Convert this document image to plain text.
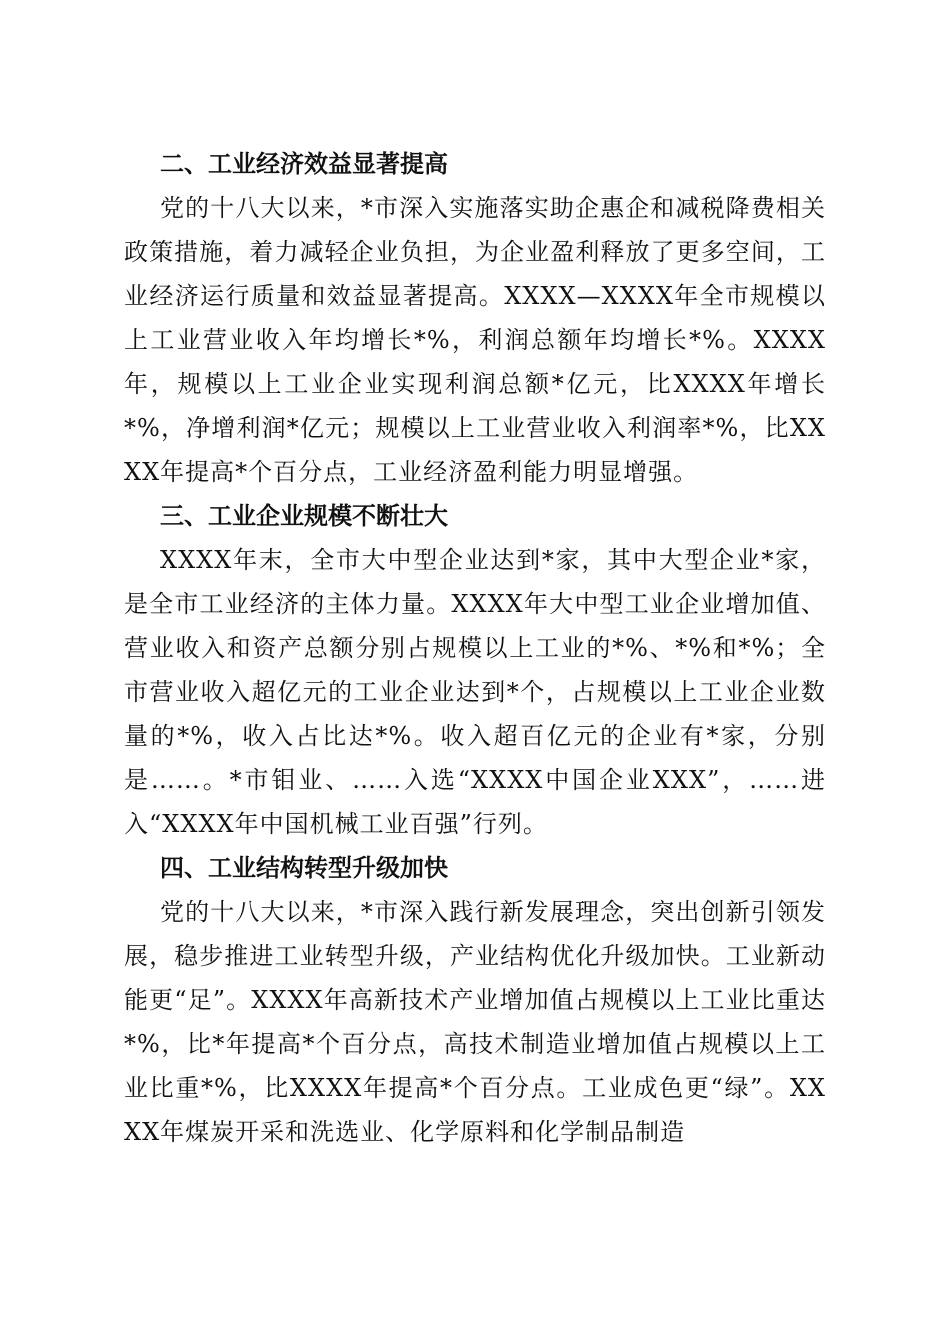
二、工业经济效益显著提高

党的十八大以来，*市深入实施落实助企惠企和减税降费相关政策措施，着力减轻企业负担，为企业盈利释放了更多空间，工业经济运行质量和效益显著提高。XXXX—XXXX年全市规模以上工业营业收入年均增长*%，利润总额年均增长*%。XXXX年，规模以上工业企业实现利润总额*亿元，比XXXX年增长*%，净增利润*亿元；规模以上工业营业收入利润率*%，比XXXX年提高*个百分点，工业经济盈利能力明显增强。

三、工业企业规模不断壮大

XXXX年末，全市大中型企业达到*家，其中大型企业*家，是全市工业经济的主体力量。XXXX年大中型工业企业增加值、营业收入和资产总额分别占规模以上工业的*%、*%和*%；全市营业收入超亿元的工业企业达到*个，占规模以上工业企业数量的*%，收入占比达*%。收入超百亿元的企业有*家，分别是……。*市钼业、……入选“XXXX中国企业XXX”，……进入“XXXX年中国机械工业百强”行列。

四、工业结构转型升级加快

党的十八大以来，*市深入践行新发展理念，突出创新引领发展，稳步推进工业转型升级，产业结构优化升级加快。工业新动能更“足”。XXXX年高新技术产业增加值占规模以上工业比重达*%，比*年提高*个百分点，高技术制造业增加值占规模以上工业比重*%，比XXXX年提高*个百分点。工业成色更“绿”。XXXX年煤炭开采和洗选业、化学原料和化学制品制造
